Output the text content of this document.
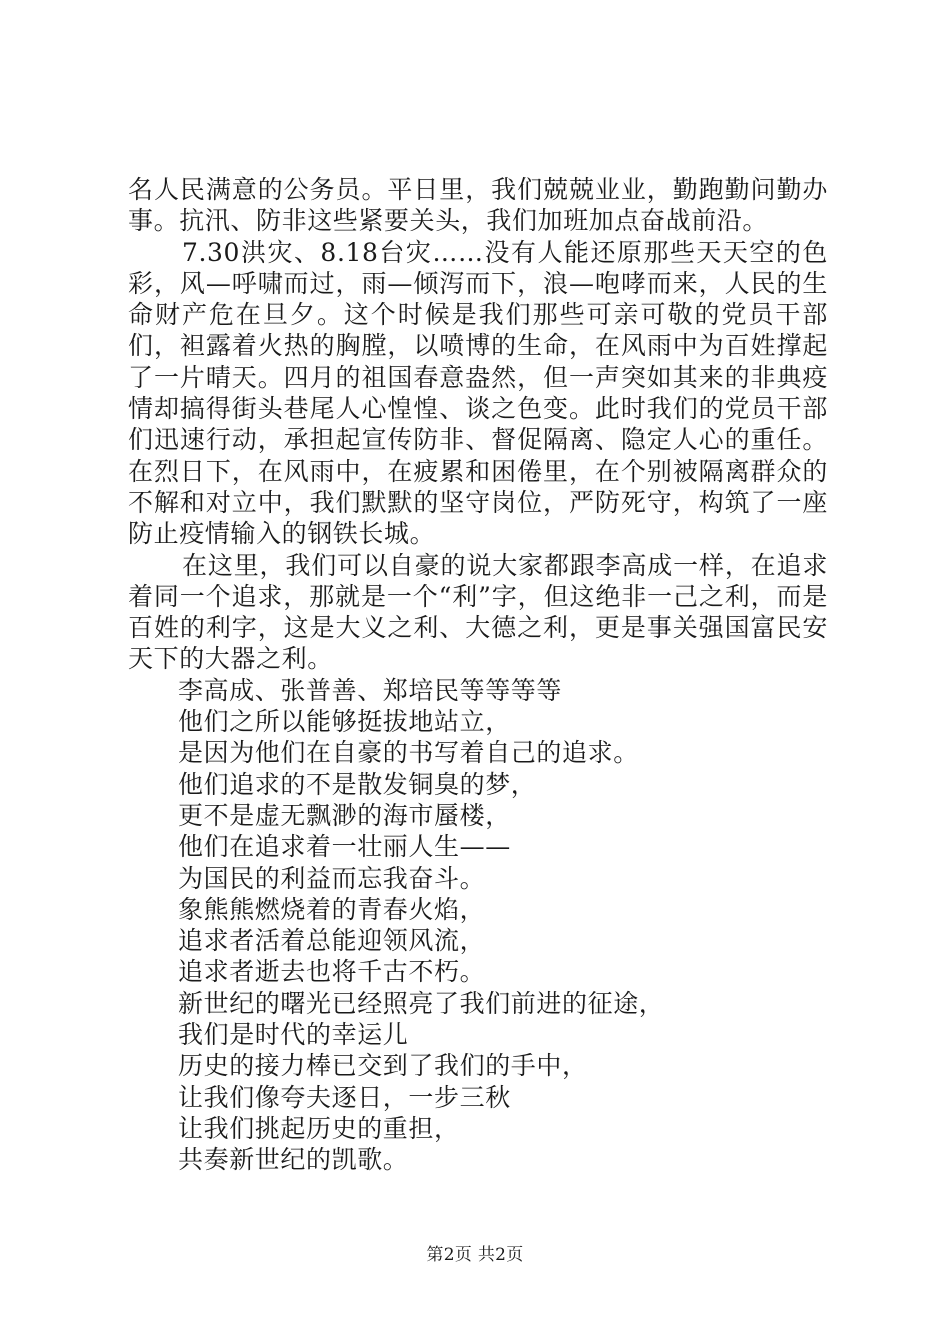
名人民满意的公务员。平日里，我们兢兢业业，勤跑勤问勤办事。抗汛、防非这些紧要关头，我们加班加点奋战前沿。

7.30洪灾、8.18台灾……没有人能还原那些天天空的色彩，风—呼啸而过，雨—倾泻而下，浪—咆哮而来，人民的生命财产危在旦夕。这个时候是我们那些可亲可敬的党员干部们，袒露着火热的胸膛，以喷博的生命，在风雨中为百姓撑起了一片晴天。四月的祖国春意盎然，但一声突如其来的非典疫情却搞得街头巷尾人心惶惶、谈之色变。此时我们的党员干部们迅速行动，承担起宣传防非、督促隔离、隐定人心的重任。在烈日下，在风雨中，在疲累和困倦里，在个别被隔离群众的不解和对立中，我们默默的坚守岗位，严防死守，构筑了一座防止疫情输入的钢铁长城。

在这里，我们可以自豪的说大家都跟李高成一样，在追求着同一个追求，那就是一个“利”字，但这绝非一己之利，而是百姓的利字，这是大义之利、大德之利，更是事关强国富民安天下的大器之利。

李高成、张普善、郑培民等等等等
他们之所以能够挺拔地站立，
是因为他们在自豪的书写着自己的追求。
他们追求的不是散发铜臭的梦，
更不是虚无飘渺的海市蜃楼，
他们在追求着一壮丽人生——
为国民的利益而忘我奋斗。
象熊熊燃烧着的青春火焰，
追求者活着总能迎领风流，
追求者逝去也将千古不朽。
新世纪的曙光已经照亮了我们前进的征途，
我们是时代的幸运儿
历史的接力棒已交到了我们的手中，
让我们像夸夫逐日，一步三秋
让我们挑起历史的重担，
共奏新世纪的凯歌。
第2页 共2页
